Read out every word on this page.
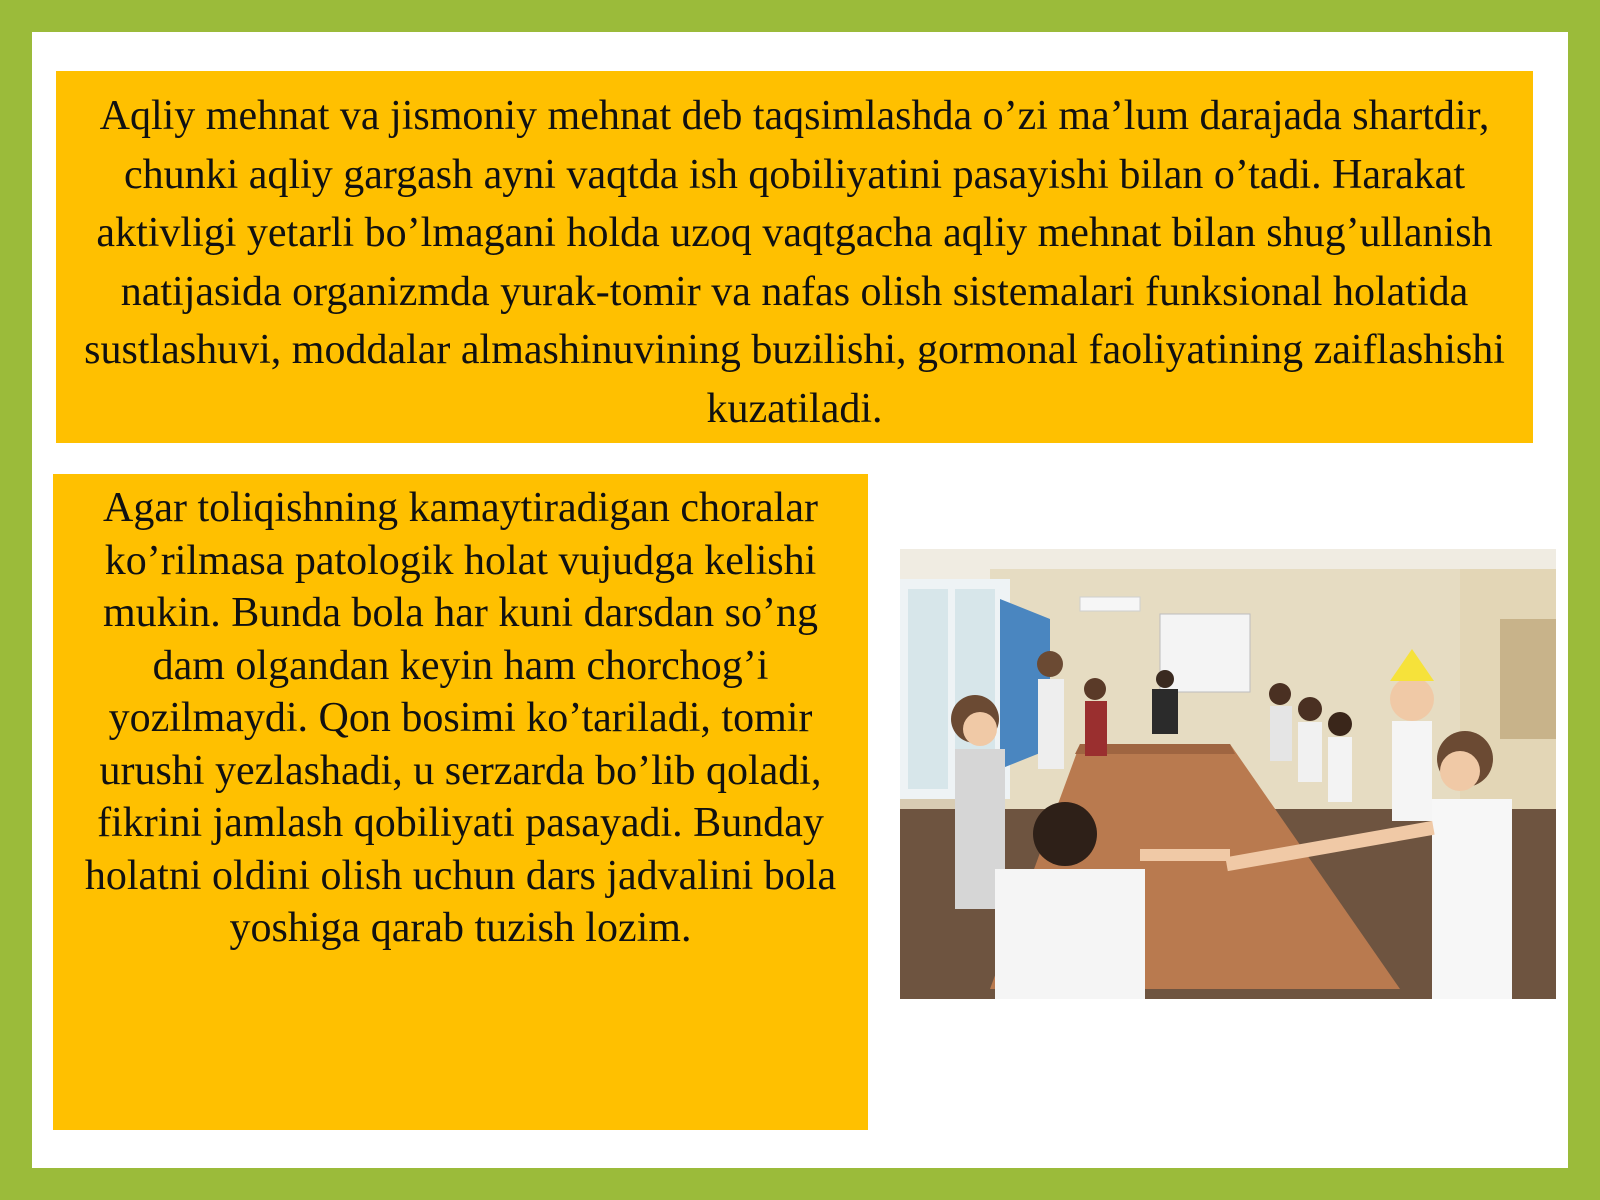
Aqliy mehnat va jismoniy mehnat deb taqsimlashda o’zi ma’lum darajada shartdir, chunki aqliy gargash ayni vaqtda ish qobiliyatini pasayishi bilan o’tadi. Harakat aktivligi yetarli bo’lmagani holda uzoq vaqtgacha aqliy mehnat bilan shug’ullanish natijasida organizmda yurak-tomir va nafas olish sistemalari funksional holatida sustlashuvi, moddalar almashinuvining buzilishi, gormonal faoliyatining zaiflashishi kuzatiladi.
Agar toliqishning kamaytiradigan choralar ko’rilmasa patologik holat vujudga kelishi mukin. Bunda bola har kuni darsdan so’ng dam olgandan keyin ham chorchog’i yozilmaydi. Qon bosimi ko’tariladi, tomir urushi yezlashadi, u serzarda bo’lib qoladi, fikrini jamlash qobiliyati pasayadi. Bunday holatni oldini olish uchun dars jadvalini bola yoshiga qarab tuzish lozim.
